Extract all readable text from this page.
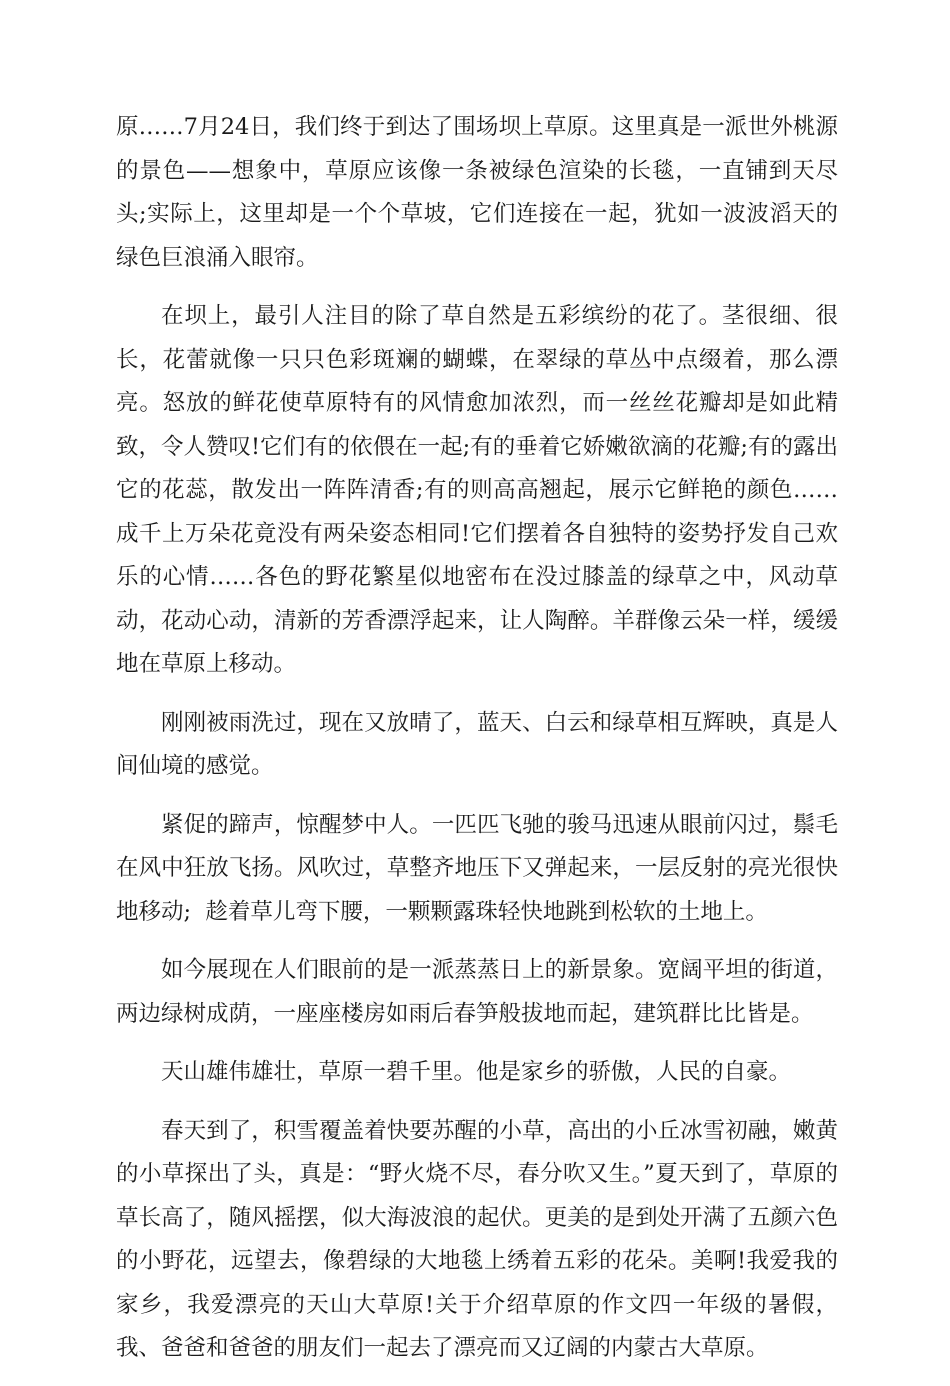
原……7月24日，我们终于到达了围场坝上草原。这里真是一派世外桃源的景色——想象中，草原应该像一条被绿色渲染的长毯，一直铺到天尽头;实际上，这里却是一个个草坡，它们连接在一起，犹如一波波滔天的绿色巨浪涌入眼帘。

在坝上，最引人注目的除了草自然是五彩缤纷的花了。茎很细、很长，花蕾就像一只只色彩斑斓的蝴蝶，在翠绿的草丛中点缀着，那么漂亮。怒放的鲜花使草原特有的风情愈加浓烈，而一丝丝花瓣却是如此精致，令人赞叹!它们有的依偎在一起;有的垂着它娇嫩欲滴的花瓣;有的露出它的花蕊，散发出一阵阵清香;有的则高高翘起，展示它鲜艳的颜色……成千上万朵花竟没有两朵姿态相同!它们摆着各自独特的姿势抒发自己欢乐的心情……各色的野花繁星似地密布在没过膝盖的绿草之中，风动草动，花动心动，清新的芳香漂浮起来，让人陶醉。羊群像云朵一样，缓缓地在草原上移动。

刚刚被雨洗过，现在又放晴了，蓝天、白云和绿草相互辉映，真是人间仙境的感觉。

紧促的蹄声，惊醒梦中人。一匹匹飞驰的骏马迅速从眼前闪过，鬃毛在风中狂放飞扬。风吹过，草整齐地压下又弹起来，一层反射的亮光很快地移动;  趁着草儿弯下腰，一颗颗露珠轻快地跳到松软的土地上。

如今展现在人们眼前的是一派蒸蒸日上的新景象。宽阔平坦的街道，两边绿树成荫，一座座楼房如雨后春笋般拔地而起，建筑群比比皆是。

天山雄伟雄壮，草原一碧千里。他是家乡的骄傲，人民的自豪。

春天到了，积雪覆盖着快要苏醒的小草，高出的小丘冰雪初融，嫩黄的小草探出了头，真是：“野火烧不尽，春分吹又生。”夏天到了，草原的草长高了，随风摇摆，似大海波浪的起伏。更美的是到处开满了五颜六色的小野花，远望去，像碧绿的大地毯上绣着五彩的花朵。美啊!我爱我的家乡，我爱漂亮的天山大草原!关于介绍草原的作文四一年级的暑假，我、爸爸和爸爸的朋友们一起去了漂亮而又辽阔的内蒙古大草原。
